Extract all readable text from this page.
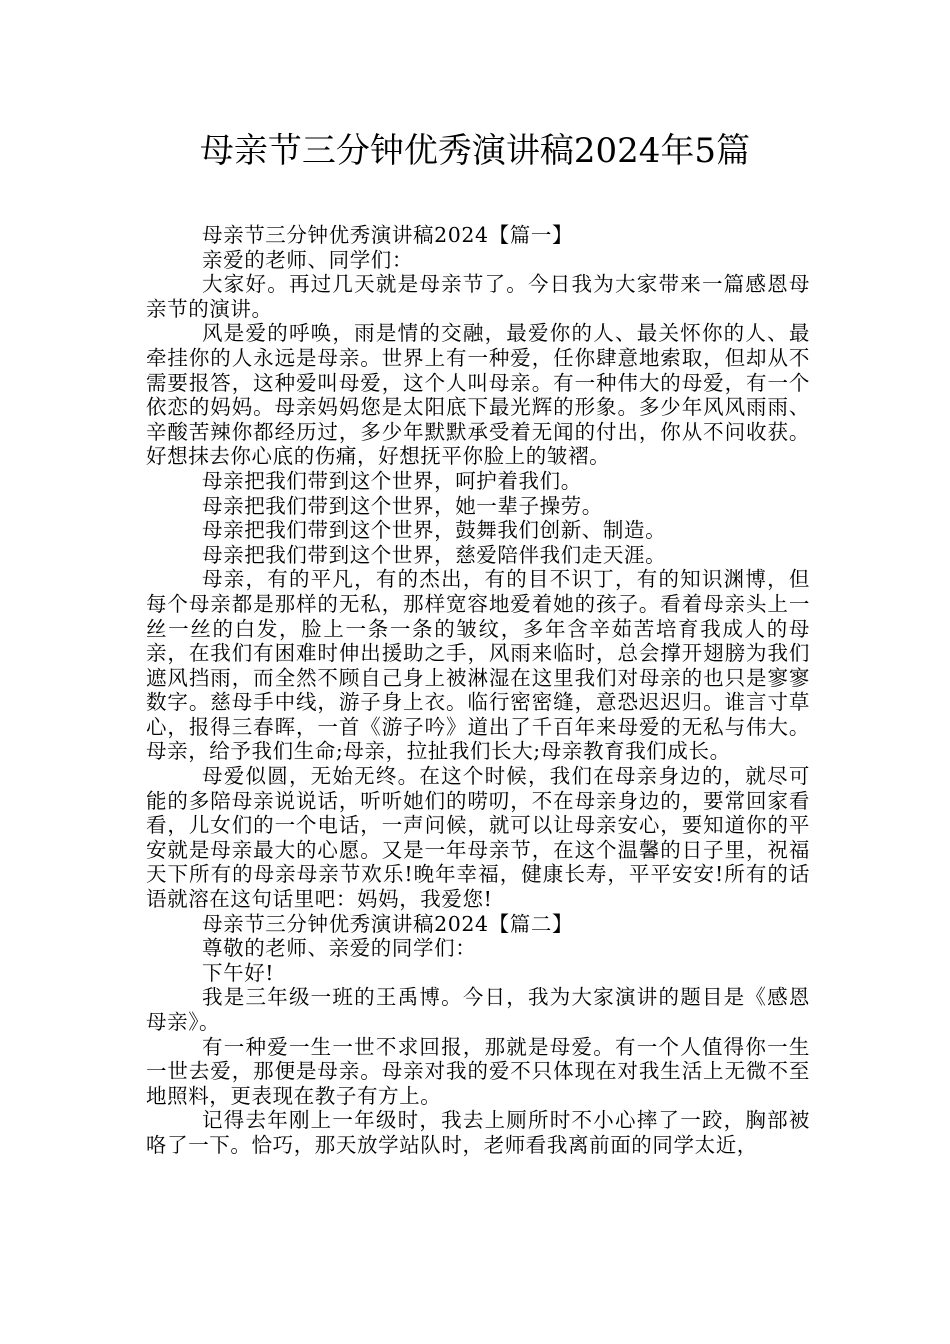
母亲节三分钟优秀演讲稿2024年5篇

母亲节三分钟优秀演讲稿2024【篇一】

亲爱的老师、同学们：

大家好。再过几天就是母亲节了。今日我为大家带来一篇感恩母亲节的演讲。

风是爱的呼唤，雨是情的交融，最爱你的人、最关怀你的人、最牵挂你的人永远是母亲。世界上有一种爱，任你肆意地索取，但却从不需要报答，这种爱叫母爱，这个人叫母亲。有一种伟大的母爱，有一个依恋的妈妈。母亲妈妈您是太阳底下最光辉的形象。多少年风风雨雨、辛酸苦辣你都经历过，多少年默默承受着无闻的付出，你从不问收获。好想抹去你心底的伤痛，好想抚平你脸上的皱褶。

母亲把我们带到这个世界，呵护着我们。

母亲把我们带到这个世界，她一辈子操劳。

母亲把我们带到这个世界，鼓舞我们创新、制造。

母亲把我们带到这个世界，慈爱陪伴我们走天涯。

母亲，有的平凡，有的杰出，有的目不识丁，有的知识渊博，但每个母亲都是那样的无私，那样宽容地爱着她的孩子。看着母亲头上一丝一丝的白发，脸上一条一条的皱纹，多年含辛茹苦培育我成人的母亲，在我们有困难时伸出援助之手，风雨来临时，总会撑开翅膀为我们遮风挡雨，而全然不顾自己身上被淋湿在这里我们对母亲的也只是寥寥数字。慈母手中线，游子身上衣。临行密密缝，意恐迟迟归。谁言寸草心，报得三春晖，一首《游子吟》道出了千百年来母爱的无私与伟大。母亲，给予我们生命;母亲，拉扯我们长大;母亲教育我们成长。

母爱似圆，无始无终。在这个时候，我们在母亲身边的，就尽可能的多陪母亲说说话，听听她们的唠叨，不在母亲身边的，要常回家看看，儿女们的一个电话，一声问候，就可以让母亲安心，要知道你的平安就是母亲最大的心愿。又是一年母亲节，在这个温馨的日子里，祝福天下所有的母亲母亲节欢乐!晚年幸福，健康长寿，平平安安!所有的话语就溶在这句话里吧：妈妈，我爱您!

母亲节三分钟优秀演讲稿2024【篇二】

尊敬的老师、亲爱的同学们：

下午好!

我是三年级一班的王禹博。今日，我为大家演讲的题目是《感恩母亲》。

有一种爱一生一世不求回报，那就是母爱。有一个人值得你一生一世去爱，那便是母亲。母亲对我的爱不只体现在对我生活上无微不至地照料，更表现在教子有方上。

记得去年刚上一年级时，我去上厕所时不小心摔了一跤，胸部被咯了一下。恰巧，那天放学站队时，老师看我离前面的同学太近，
